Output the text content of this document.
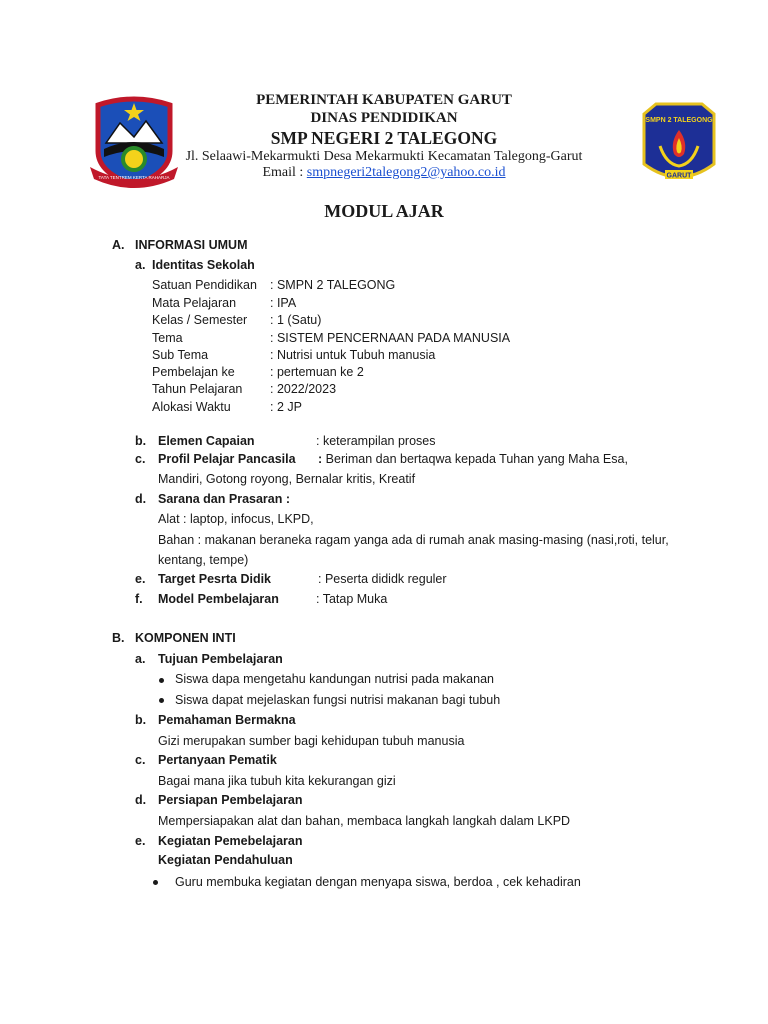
TATA TENTREM KERTA RAHARJA
SMPN 2 TALEGONG
GARUT
PEMERINTAH KABUPATEN GARUT
DINAS PENDIDIKAN
SMP NEGERI 2 TALEGONG
Jl. Selaawi-Mekarmukti Desa Mekarmukti Kecamatan Talegong-Garut
Email : smpnegeri2talegong2@yahoo.co.id
MODUL AJAR
A. INFORMASI UMUM
a. Identitas Sekolah
Satuan Pendidikan : SMPN 2 TALEGONG
Mata Pelajaran	: IPA
Kelas / Semester : 1 (Satu)
Tema	: SISTEM PENCERNAAN PADA MANUSIA
Sub Tema	: Nutrisi untuk Tubuh manusia
Pembelajan ke	: pertemuan ke 2
Tahun Pelajaran : 2022/2023
Alokasi Waktu	: 2 JP
b. Elemen Capaian	: keterampilan proses
c. Profil Pelajar Pancasila : Beriman dan bertaqwa kepada Tuhan yang Maha Esa,
Mandiri, Gotong royong, Bernalar kritis, Kreatif
d. Sarana dan Prasaran :
Alat : laptop, infocus, LKPD,
Bahan : makanan beraneka ragam yanga ada di rumah anak masing-masing (nasi,roti, telur,
kentang, tempe)
e. Target Pesrta Didik	: Peserta dididk reguler
f. Model Pembelajaran	: Tatap Muka
B. KOMPONEN INTI
a. Tujuan Pembelajaran
Siswa dapa mengetahu kandungan nutrisi pada makanan
Siswa dapat mejelaskan fungsi nutrisi makanan bagi tubuh
b. Pemahaman Bermakna
Gizi merupakan sumber bagi kehidupan tubuh manusia
c. Pertanyaan Pematik
Bagai mana jika tubuh kita kekurangan gizi
d. Persiapan Pembelajaran
Mempersiapakan alat dan bahan, membaca langkah langkah dalam LKPD
e. Kegiatan Pemebelajaran
Kegiatan Pendahuluan
Guru membuka kegiatan dengan menyapa siswa, berdoa , cek kehadiran
